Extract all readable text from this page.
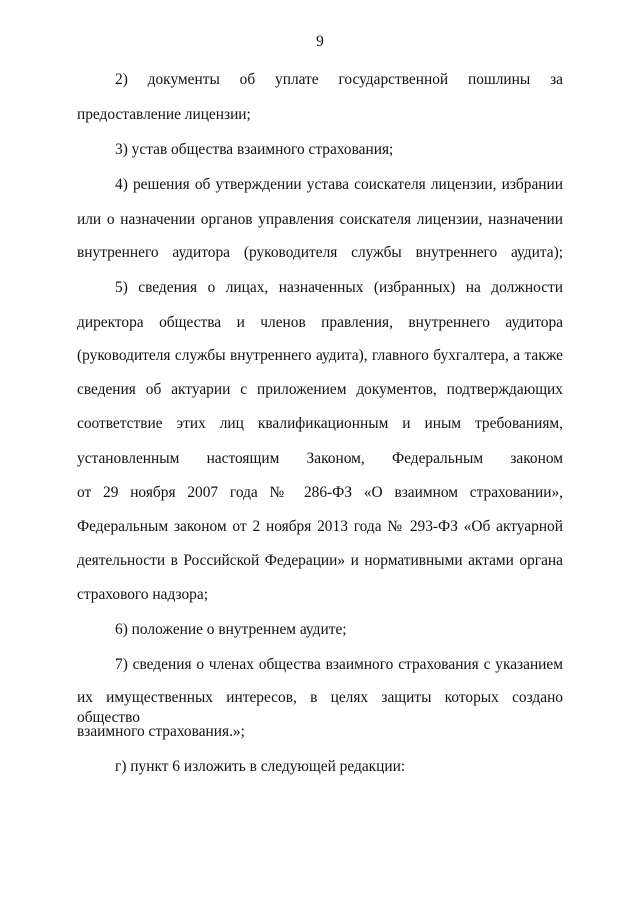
9
2) документы об уплате государственной пошлины за
предоставление лицензии;
3) устав общества взаимного страхования;
4) решения об утверждении устава соискателя лицензии, избрании
или о назначении органов управления соискателя лицензии, назначении
внутреннего аудитора (руководителя службы внутреннего аудита);
5) сведения о лицах, назначенных (избранных) на должности
директора общества и членов правления, внутреннего аудитора
(руководителя службы внутреннего аудита), главного бухгалтера, а также
сведения об актуарии с приложением документов, подтверждающих
соответствие этих лиц квалификационным и иным требованиям,
установленным настоящим Законом, Федеральным законом
от 29 ноября 2007 года № 286-ФЗ «О взаимном страховании»,
Федеральным законом от 2 ноября 2013 года № 293-ФЗ «Об актуарной
деятельности в Российской Федерации» и нормативными актами органа
страхового надзора;
6) положение о внутреннем аудите;
7) сведения о членах общества взаимного страхования с указанием
их имущественных интересов, в целях защиты которых создано общество
взаимного страхования.»;
г) пункт 6 изложить в следующей редакции:
